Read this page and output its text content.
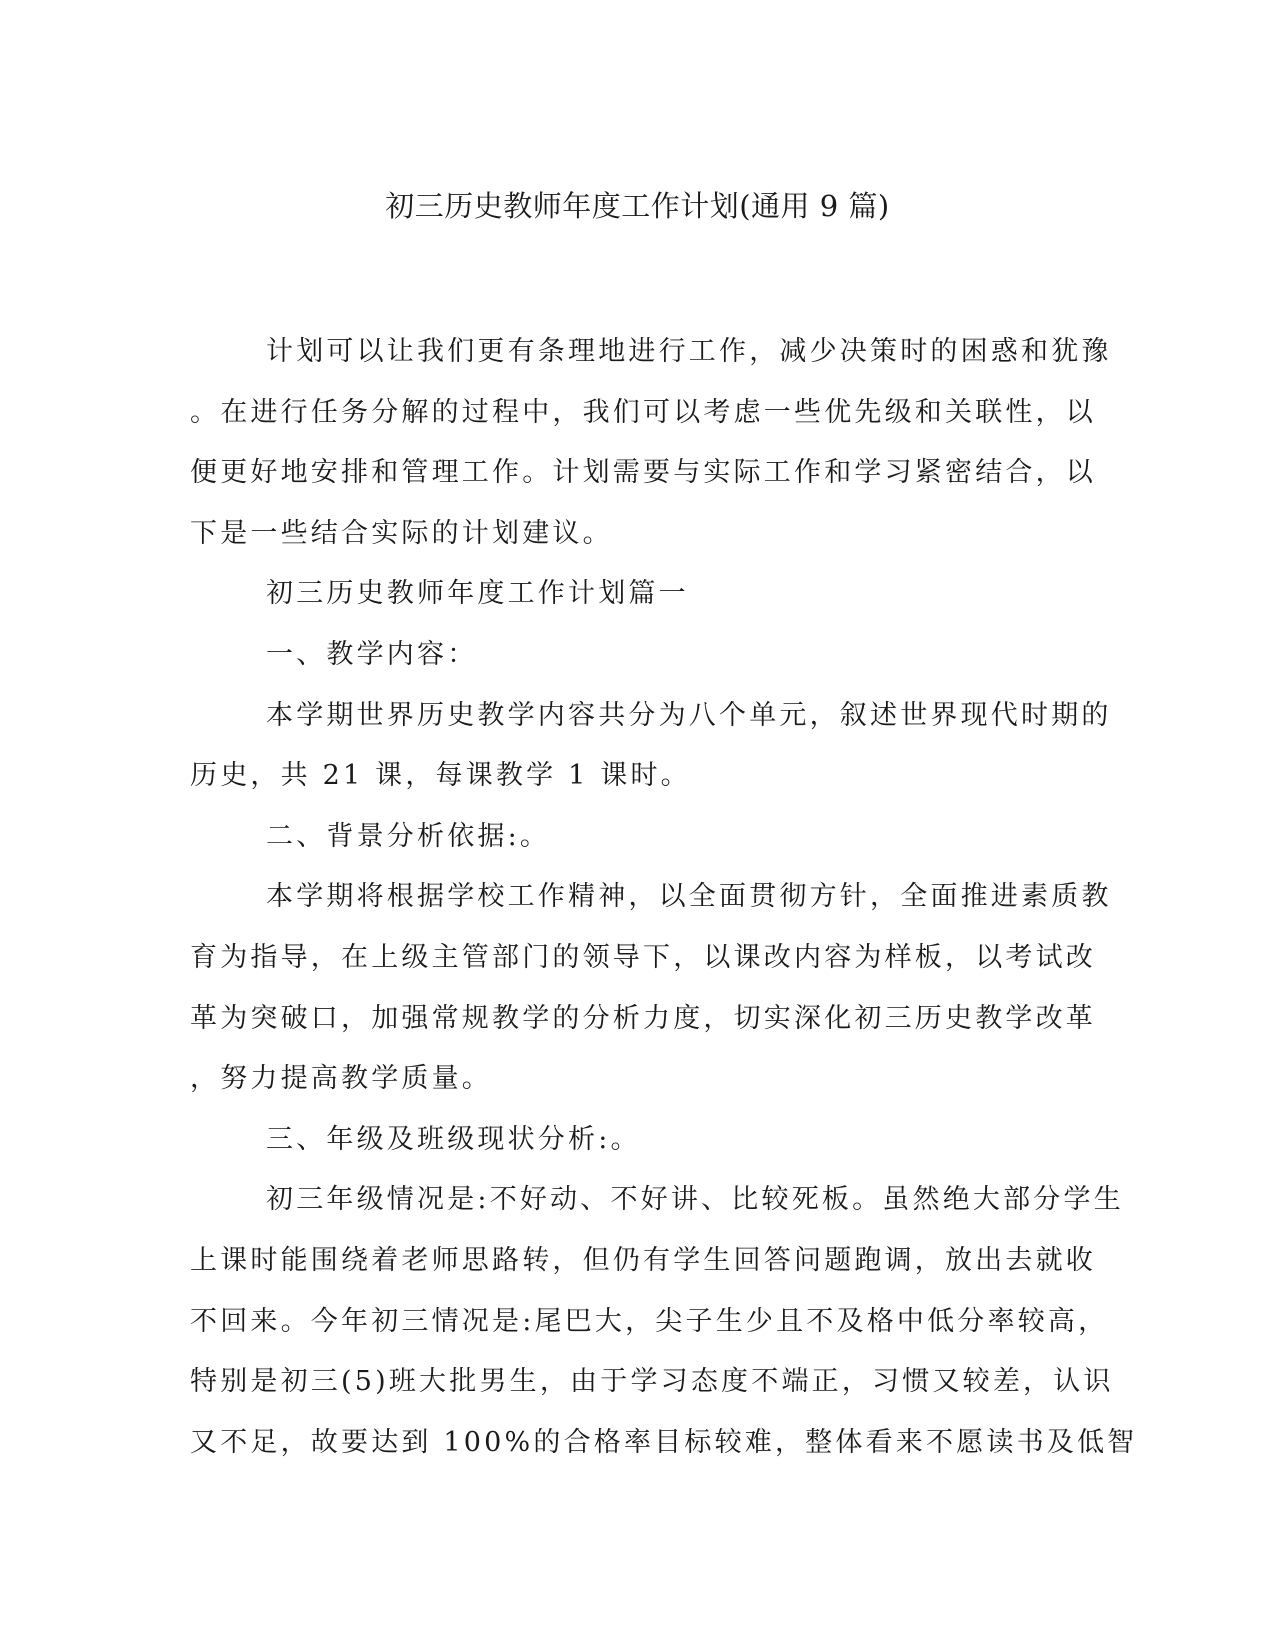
初三历史教师年度工作计划(通用 9 篇)
计划可以让我们更有条理地进行工作，减少决策时的困惑和犹豫
。在进行任务分解的过程中，我们可以考虑一些优先级和关联性，以
便更好地安排和管理工作。计划需要与实际工作和学习紧密结合，以
下是一些结合实际的计划建议。
初三历史教师年度工作计划篇一
一、教学内容：
本学期世界历史教学内容共分为八个单元，叙述世界现代时期的
历史，共 21 课，每课教学 1 课时。
二、背景分析依据:。
本学期将根据学校工作精神，以全面贯彻方针，全面推进素质教
育为指导，在上级主管部门的领导下，以课改内容为样板，以考试改
革为突破口，加强常规教学的分析力度，切实深化初三历史教学改革
，努力提高教学质量。
三、年级及班级现状分析:。
初三年级情况是:不好动、不好讲、比较死板。虽然绝大部分学生
上课时能围绕着老师思路转，但仍有学生回答问题跑调，放出去就收
不回来。今年初三情况是:尾巴大，尖子生少且不及格中低分率较高，
特别是初三(5)班大批男生，由于学习态度不端正，习惯又较差，认识
又不足，故要达到 100%的合格率目标较难，整体看来不愿读书及低智
